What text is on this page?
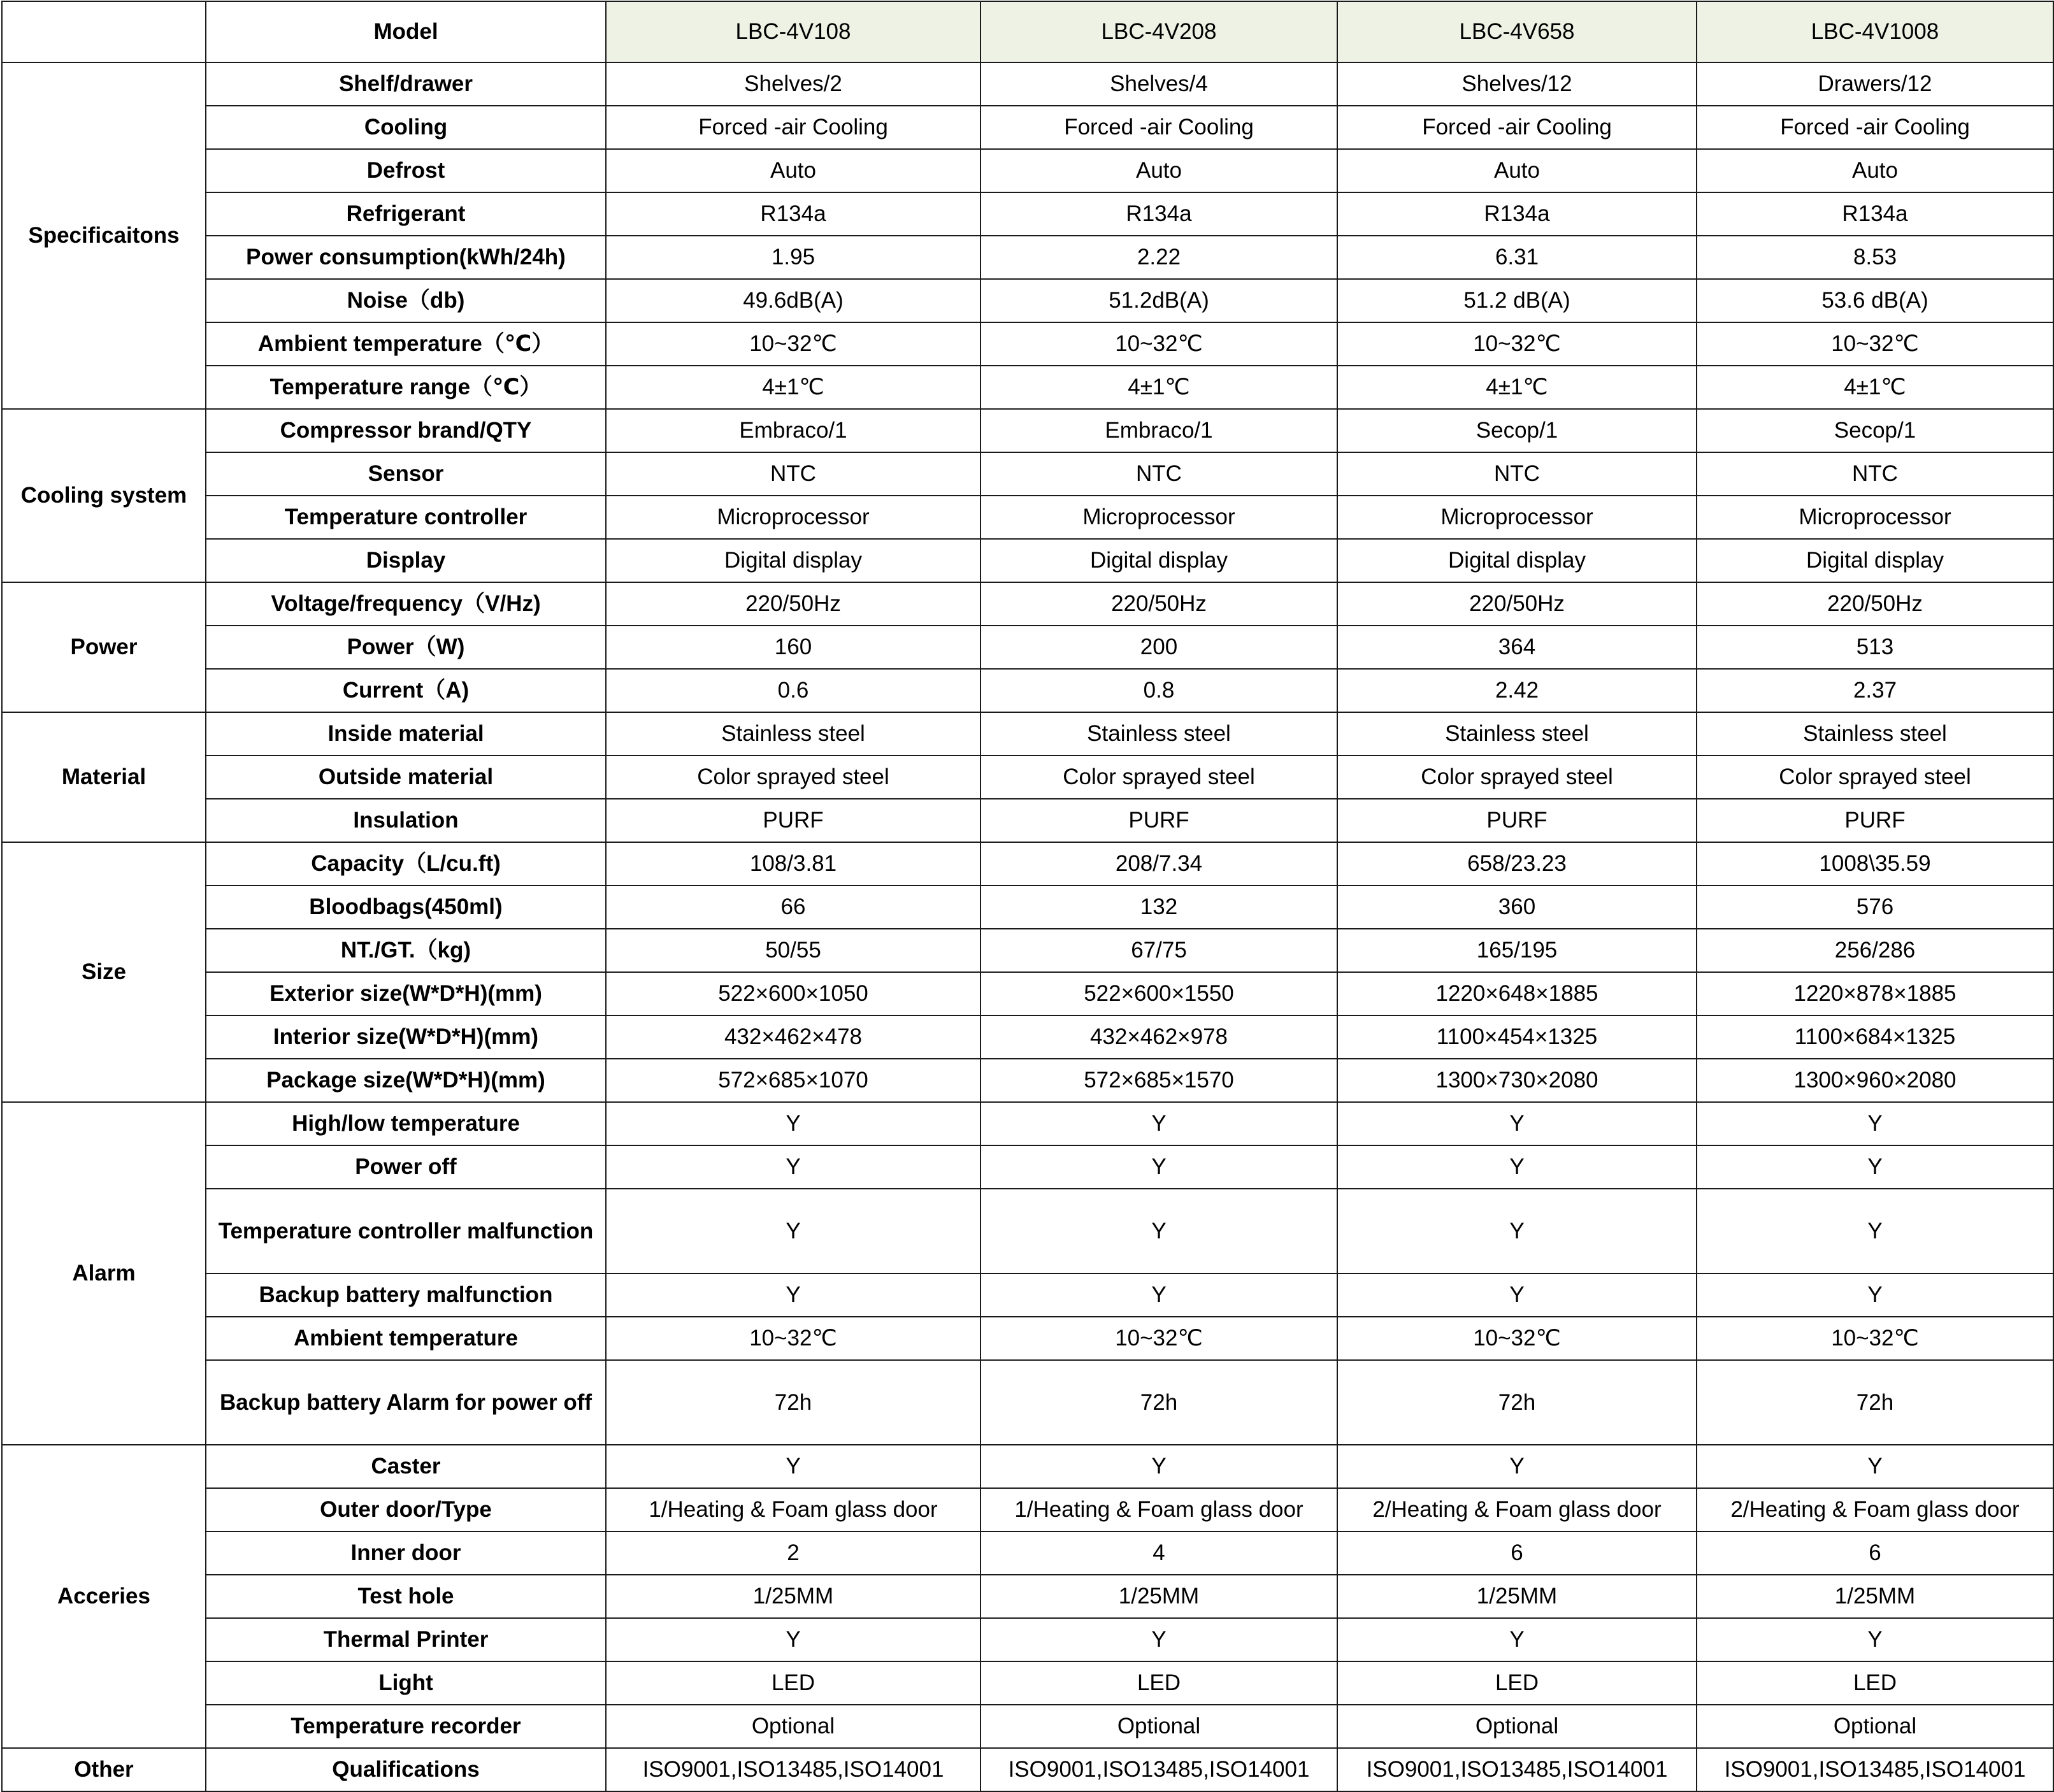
	Model	LBC-4V108	LBC-4V208	LBC-4V658	LBC-4V1008
Specificaitons	Shelf/drawer	Shelves/2	Shelves/4	Shelves/12	Drawers/12
	Cooling	Forced -air Cooling	Forced -air Cooling	Forced -air Cooling	Forced -air Cooling
	Defrost	Auto	Auto	Auto	Auto
	Refrigerant	R134a	R134a	R134a	R134a
	Power consumption(kWh/24h)	1.95	2.22	6.31	8.53
	Noise（db)	49.6dB(A)	51.2dB(A)	51.2 dB(A)	53.6 dB(A)
	Ambient temperature（℃）	10~32℃	10~32℃	10~32℃	10~32℃
	Temperature range（℃）	4±1℃	4±1℃	4±1℃	4±1℃
Cooling system	Compressor brand/QTY	Embraco/1	Embraco/1	Secop/1	Secop/1
	Sensor	NTC	NTC	NTC	NTC
	Temperature controller	Microprocessor	Microprocessor	Microprocessor	Microprocessor
	Display	Digital display	Digital display	Digital display	Digital display
Power	Voltage/frequency（V/Hz)	220/50Hz	220/50Hz	220/50Hz	220/50Hz
	Power（W)	160	200	364	513
	Current（A)	0.6	0.8	2.42	2.37
Material	Inside material	Stainless steel	Stainless steel	Stainless steel	Stainless steel
	Outside material	Color sprayed steel	Color sprayed steel	Color sprayed steel	Color sprayed steel
	Insulation	PURF	PURF	PURF	PURF
Size	Capacity（L/cu.ft)	108/3.81	208/7.34	658/23.23	1008\35.59
	Bloodbags(450ml)	66	132	360	576
	NT./GT.（kg)	50/55	67/75	165/195	256/286
	Exterior size(W*D*H)(mm)	522×600×1050	522×600×1550	1220×648×1885	1220×878×1885
	Interior size(W*D*H)(mm)	432×462×478	432×462×978	1100×454×1325	1100×684×1325
	Package size(W*D*H)(mm)	572×685×1070	572×685×1570	1300×730×2080	1300×960×2080
Alarm	High/low temperature	Y	Y	Y	Y
	Power off	Y	Y	Y	Y
	Temperature controller malfunction	Y	Y	Y	Y
	Backup battery malfunction	Y	Y	Y	Y
	Ambient temperature	10~32℃	10~32℃	10~32℃	10~32℃
	Backup battery Alarm for power off	72h	72h	72h	72h
Acceries	Caster	Y	Y	Y	Y
	Outer door/Type	1/Heating & Foam glass door	1/Heating & Foam glass door	2/Heating & Foam glass door	2/Heating & Foam glass door
	Inner door	2	4	6	6
	Test hole	1/25MM	1/25MM	1/25MM	1/25MM
	Thermal Printer	Y	Y	Y	Y
	Light	LED	LED	LED	LED
	Temperature recorder	Optional	Optional	Optional	Optional
Other	Qualifications	ISO9001,ISO13485,ISO14001	ISO9001,ISO13485,ISO14001	ISO9001,ISO13485,ISO14001	ISO9001,ISO13485,ISO14001
